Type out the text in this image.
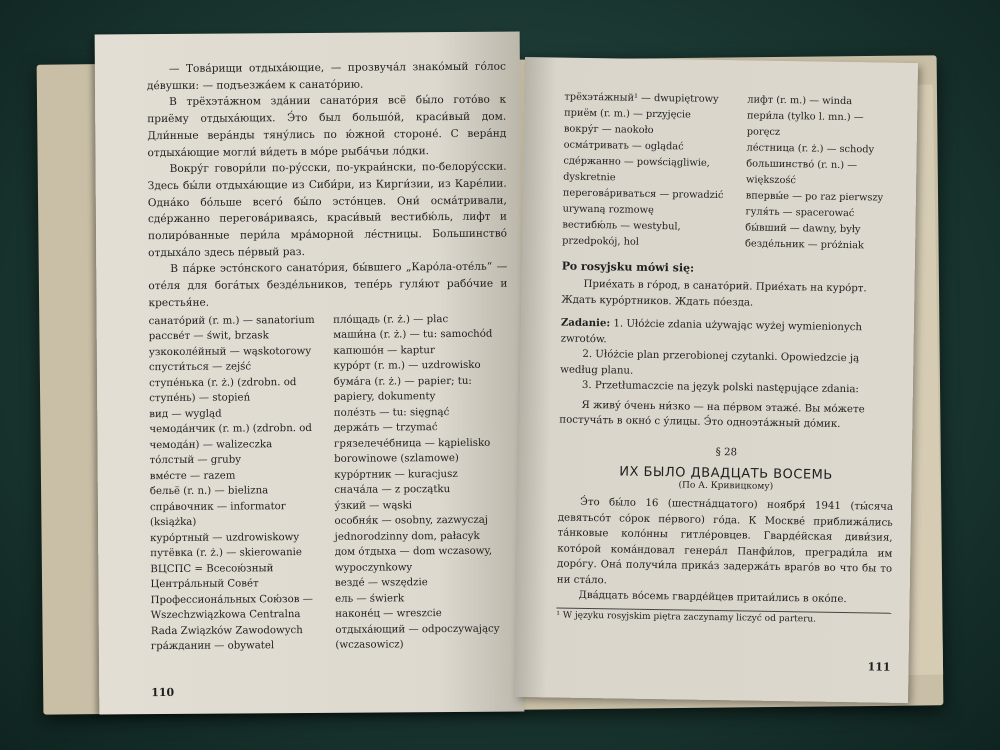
— Това́рищи отдыха́ющие, — прозвуча́л знако́мый го́лос де́вушки: — подъезжа́ем к санато́рию.

В трёхэта́жном зда́нии санато́рия всё бы́ло гото́во к приёму отдыха́ющих. Э́то был большо́й, краси́вый дом. Дли́нные вера́нды тяну́лись по ю́жной стороне́. С вера́нд отдыха́ющие могли́ ви́деть в мо́ре рыба́чьи ло́дки.

Вокру́г говори́ли по-ру́сски, по-украи́нски, по-белору́сски. Здесь бы́ли отдыха́ющие из Сиби́ри, из Кирги́зии, из Каре́лии. Одна́ко бо́льше всего́ бы́ло эсто́нцев. Они́ осма́тривали, сде́ржанно перегова́риваясь, краси́вый вестибю́ль, лифт и полиро́ванные пери́ла мра́морной ле́стницы. Большинство́ отдыха́ло здесь пе́рвый раз.

В па́рке эсто́нского санато́рия, бы́вшего „Каро́ла-оте́ль“ — оте́ля для бога́тых безде́льников, тепе́рь гуля́ют рабо́чие и крестья́не.

санато́рий (r. m.) — sanatorium
рассве́т — świt, brzask
узкоколе́йный — wąskotorowy
спусти́ться — zejść
ступе́нька (r. ż.) (zdrobn. od ступе́нь) — stopień
вид — wygląd
чемода́нчик (r. m.) (zdrobn. od чемода́н) — walizeczka
то́лстый — gruby
вме́сте — razem
бельё (r. n.) — bielizna
спра́вочник — informator (książka)
куро́ртный — uzdrowiskowy
путёвка (r. ż.) — skierowanie
ВЦСПС = Всесою́зный Центра́льный Сове́т Профессиона́льных Сою́зов — Wszechzwiązkowa Centralna Rada Związków Zawodowych
гра́жданин — obywatel
пло́щадь (r. ż.) — plac
маши́на (r. ż.) — tu: samochód
капюшо́н — kaptur
куро́рт (r. m.) — uzdrowisko
бума́га (r. ż.) — papier; tu: papiery, dokumenty
поле́зть — tu: sięgnąć
держа́ть — trzymać
грязелече́бница — kąpielisko borowinowe (szlamowe)
куро́ртник — kuracjusz
снача́ла — z początku
у́зкий — wąski
особня́к — osobny, zazwyczaj jednorodzinny dom, pałacyk
дом о́тдыха — dom wczasowy, wypoczynkowy
везде́ — wszędzie
ель — świerk
наконе́ц — wreszcie
отдыха́ющий — odpoczywający (wczasowicz)
110
трёхэта́жный¹ — dwupiętrowy
приём (r. m.) — przyjęcie
вокру́г — naokoło
осма́тривать — oglądać
сде́ржанно — powściągliwie, dyskretnie
перегова́риваться — prowadzić urywaną rozmowę
вестибю́ль — westybul, przedpokój, hol
лифт (r. m.) — winda
пери́ла (tylko l. mn.) — poręcz
ле́стница (r. ż.) — schody
большинство́ (r. n.) — większość
впервы́е — po raz pierwszy
гуля́ть — spacerować
бы́вший — dawny, były
безде́льник — próżniak
Po rosyjsku mówi się:

Прие́хать в го́род, в санато́рий. Прие́хать на куро́рт. Ждать куро́ртников. Ждать по́езда.

Zadanie: 1. Ułóżcie zdania używając wyżej wymienionych zwrotów.

2. Ułóżcie plan przerobionej czytanki. Opowiedzcie ją według planu.

3. Przetłumaczcie na język polski następujące zdania:

Я живу́ о́чень ни́зко — на пе́рвом этаже́. Вы мо́жете постуча́ть в окно́ с у́лицы. Э́то одноэта́жный до́мик.

§ 28

ИХ БЫЛО ДВАДЦАТЬ ВОСЕМЬ

(По А. Кривицкому)

Э́то бы́ло 16 (шестна́дцатого) ноября́ 1941 (ты́сяча девятьсо́т со́рок пе́рвого) го́да. К Москве́ приближа́лись та́нковые коло́нны гитле́ровцев. Гварде́йская диви́зия, кото́рой кома́ндовал генера́л Панфи́лов, прегради́ла им доро́гу. Она́ получи́ла прика́з задержа́ть враго́в во что бы то ни ста́ло.

Два́дцать во́семь гварде́йцев притаи́лись в око́пе.

¹ W języku rosyjskim piętra zaczynamy liczyć od parteru.
111
